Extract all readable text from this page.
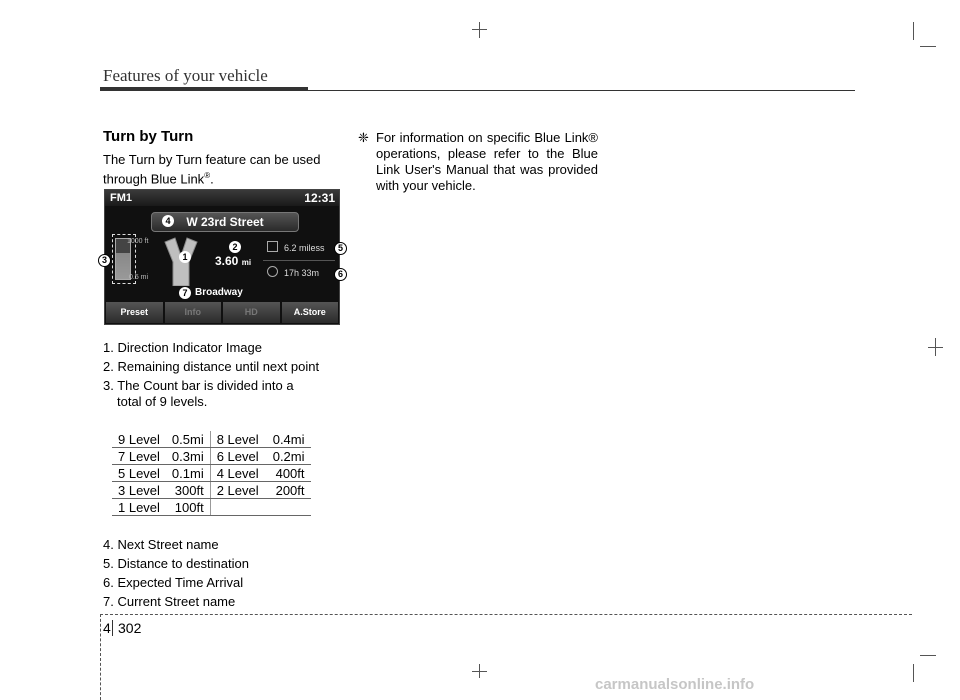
Features of your vehicle
Turn by Turn
The Turn by Turn feature can be used through Blue Link®.
FM1	12:31
W 23rd Street
4
1000 ft
0.5 mi
1
2
3.60 mi
6.2 miless
17h 33m
7 Broadway
Preset	Info	HD	A.Store
3
5
6
1. Direction Indicator Image
2. Remaining distance until next point
3. The Count bar is divided into a
total of 9 levels.
9 Level	0.5mi	8 Level	0.4mi
7 Level	0.3mi	6 Level	0.2mi
5 Level	0.1mi	4 Level	400ft
3 Level	300ft	2 Level	200ft
1 Level	100ft		
4. Next Street name
5. Distance to destination
6. Expected Time Arrival
7. Current Street name
❈ For information on specific Blue Link® operations, please refer to the Blue Link User's Manual that was provided with your vehicle.
4 302
carmanualsonline.info
